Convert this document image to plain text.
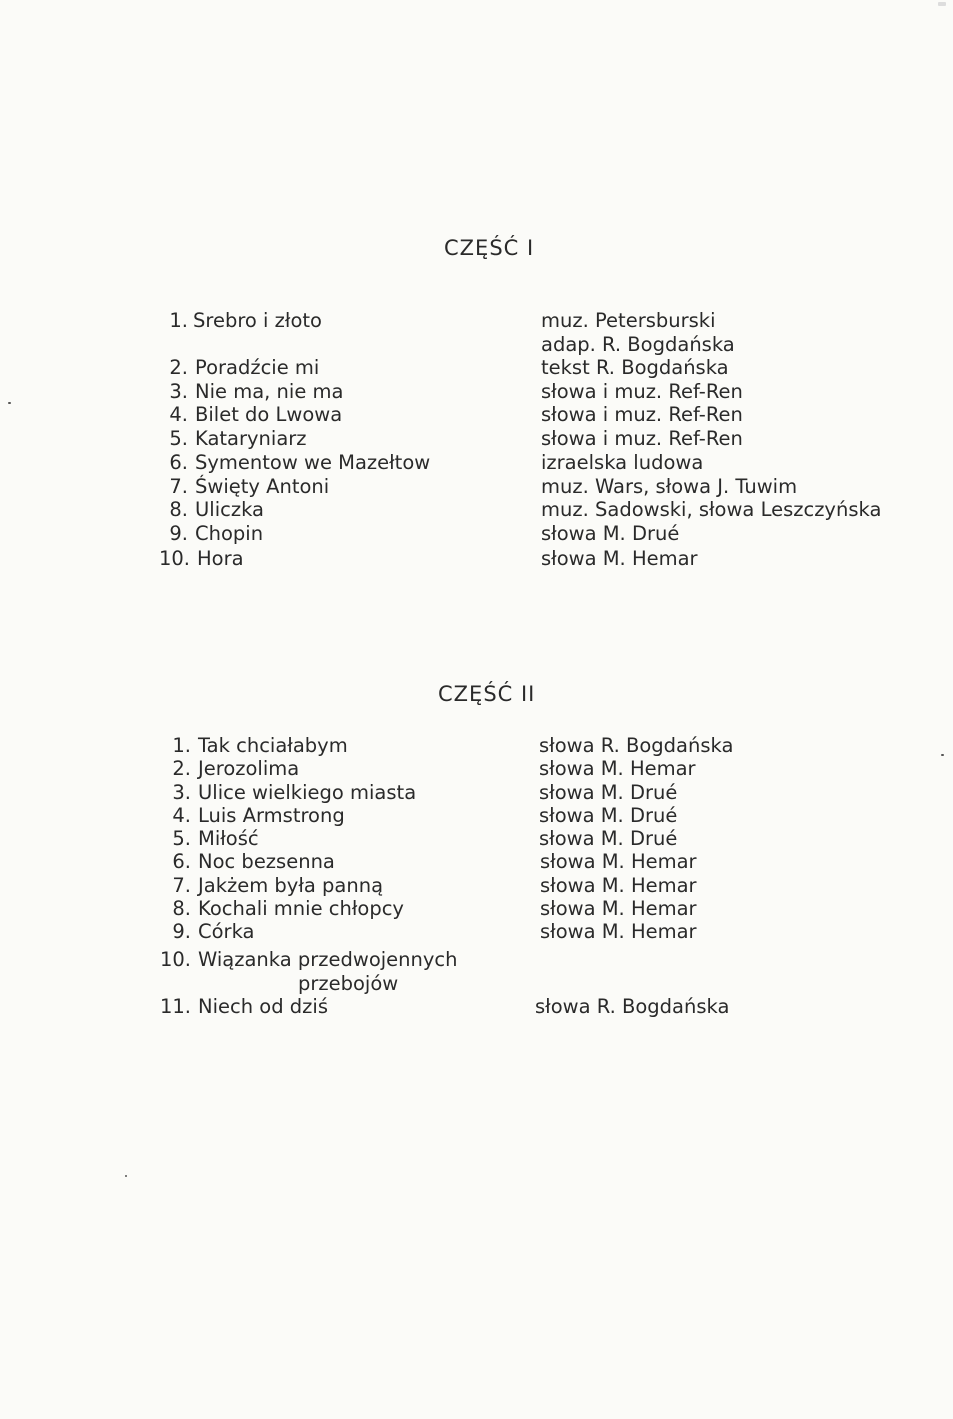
CZĘŚĆ I
1. Srebro i złoto	muz. Petersburski
adap. R. Bogdańska
2. Poradźcie mi	tekst R. Bogdańska
3. Nie ma, nie ma	słowa i muz. Ref-Ren
4. Bilet do Lwowa	słowa i muz. Ref-Ren
5. Kataryniarz	słowa i muz. Ref-Ren
6. Symentow we Mazełtow	izraelska ludowa
7. Święty Antoni	muz. Wars, słowa J. Tuwim
8. Uliczka	muz. Sadowski, słowa Leszczyńska
9. Chopin	słowa M. Drué
10. Hora	słowa M. Hemar
CZĘŚĆ II
1. Tak chciałabym	słowa R. Bogdańska
2. Jerozolima	słowa M. Hemar
3. Ulice wielkiego miasta	słowa M. Drué
4. Luis Armstrong	słowa M. Drué
5. Miłość	słowa M. Drué
6. Noc bezsenna	słowa M. Hemar
7. Jakżem była panną	słowa M. Hemar
8. Kochali mnie chłopcy	słowa M. Hemar
9. Córka	słowa M. Hemar
10. Wiązanka przedwojennych
przebojów
11. Niech od dziś	słowa R. Bogdańska
